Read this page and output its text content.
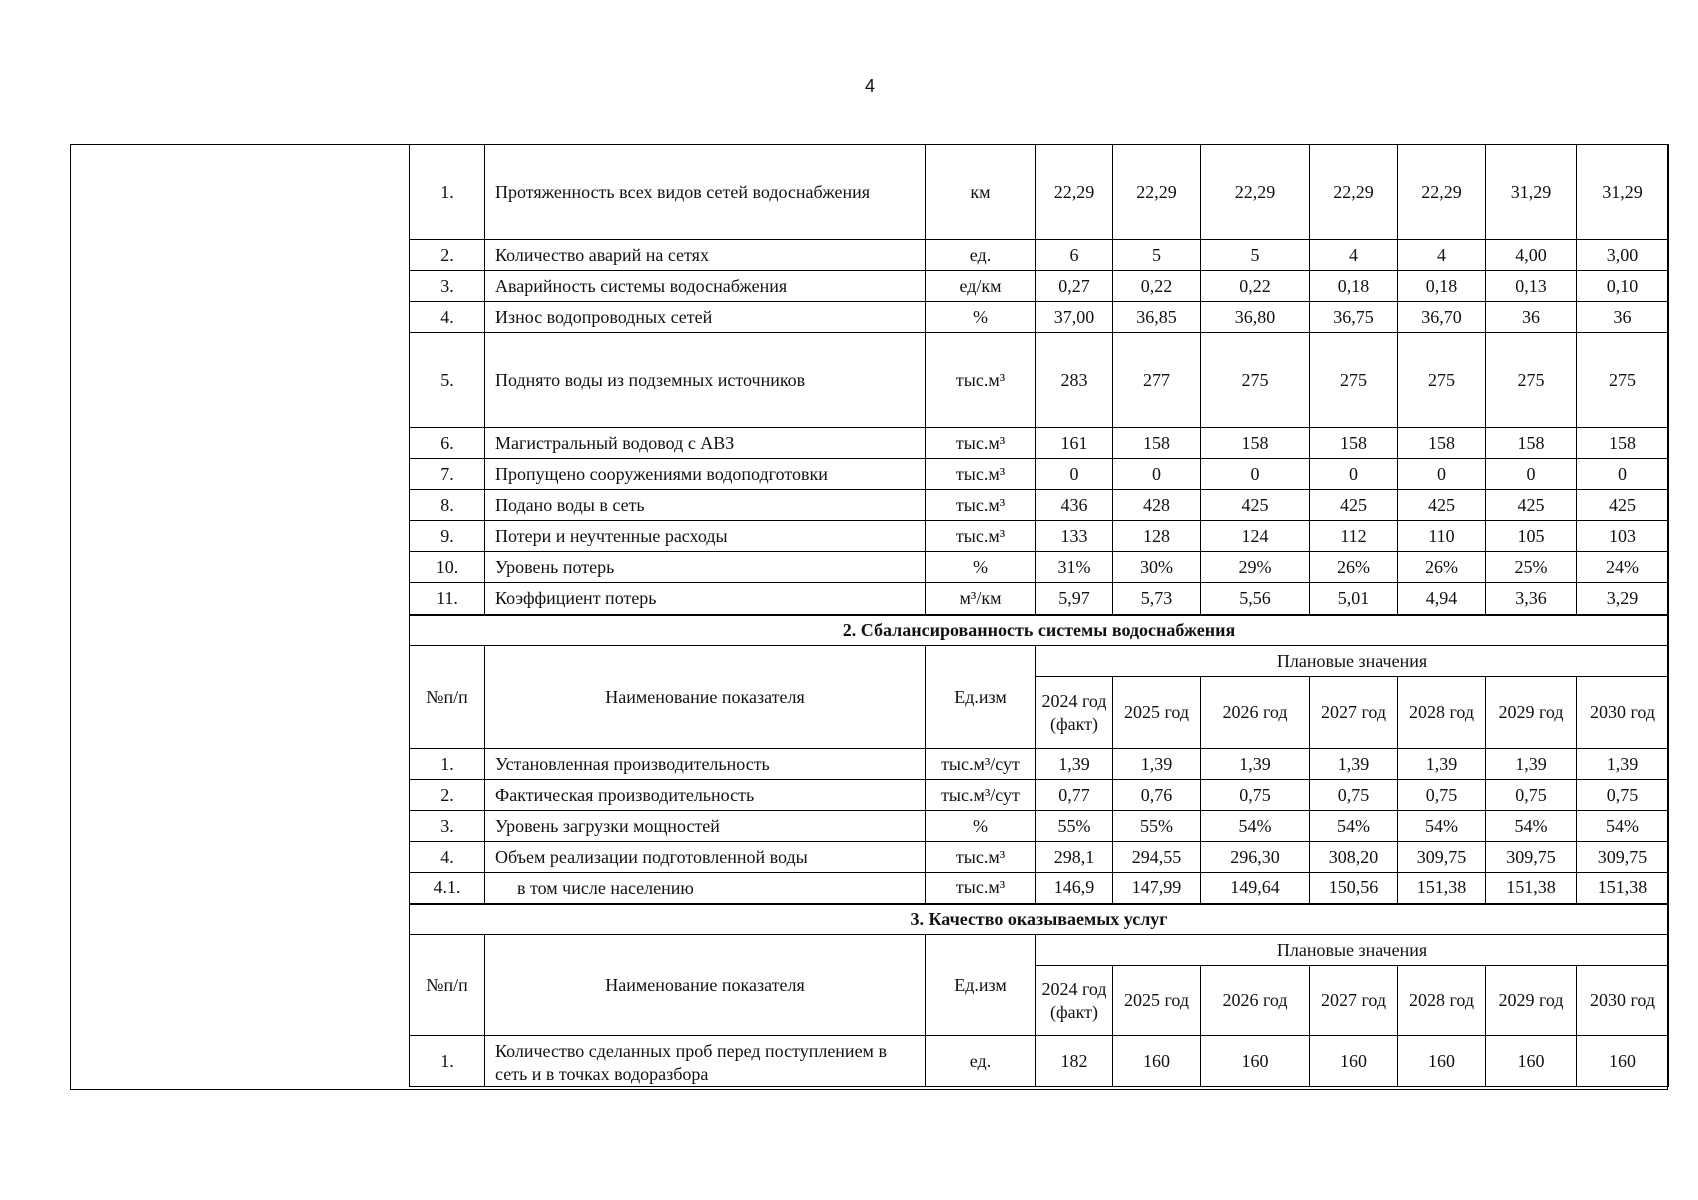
4
1.	Протяженность всех видов сетей водоснабжения	км	22,29	22,29	22,29	22,29	22,29	31,29	31,29
2.	Количество аварий на сетях	ед.	6	5	5	4	4	4,00	3,00
3.	Аварийность системы водоснабжения	ед/км	0,27	0,22	0,22	0,18	0,18	0,13	0,10
4.	Износ водопроводных сетей	%	37,00	36,85	36,80	36,75	36,70	36	36
5.	Поднято воды из подземных источников	тыс.м³	283	277	275	275	275	275	275
6.	Магистральный водовод с АВЗ	тыс.м³	161	158	158	158	158	158	158
7.	Пропущено сооружениями водоподготовки	тыс.м³	0	0	0	0	0	0	0
8.	Подано воды в сеть	тыс.м³	436	428	425	425	425	425	425
9.	Потери и неучтенные расходы	тыс.м³	133	128	124	112	110	105	103
10.	Уровень потерь	%	31%	30%	29%	26%	26%	25%	24%
11.	Коэффициент потерь	м³/км	5,97	5,73	5,56	5,01	4,94	3,36	3,29
2. Сбалансированность системы водоснабжения									
№п/п	Наименование показателя	Ед.изм	Плановые значения						
			2024 год (факт)	2025 год	2026 год	2027 год	2028 год	2029 год	2030 год
1.	Установленная производительность	тыс.м³/сут	1,39	1,39	1,39	1,39	1,39	1,39	1,39
2.	Фактическая производительность	тыс.м³/сут	0,77	0,76	0,75	0,75	0,75	0,75	0,75
3.	Уровень загрузки мощностей	%	55%	55%	54%	54%	54%	54%	54%
4.	Объем реализации подготовленной воды	тыс.м³	298,1	294,55	296,30	308,20	309,75	309,75	309,75
4.1.	в том числе населению	тыс.м³	146,9	147,99	149,64	150,56	151,38	151,38	151,38
3. Качество оказываемых услуг									
№п/п	Наименование показателя	Ед.изм	Плановые значения						
			2024 год (факт)	2025 год	2026 год	2027 год	2028 год	2029 год	2030 год
1.	Количество сделанных проб перед поступлением в сеть и в точках водоразбора	ед.	182	160	160	160	160	160	160
